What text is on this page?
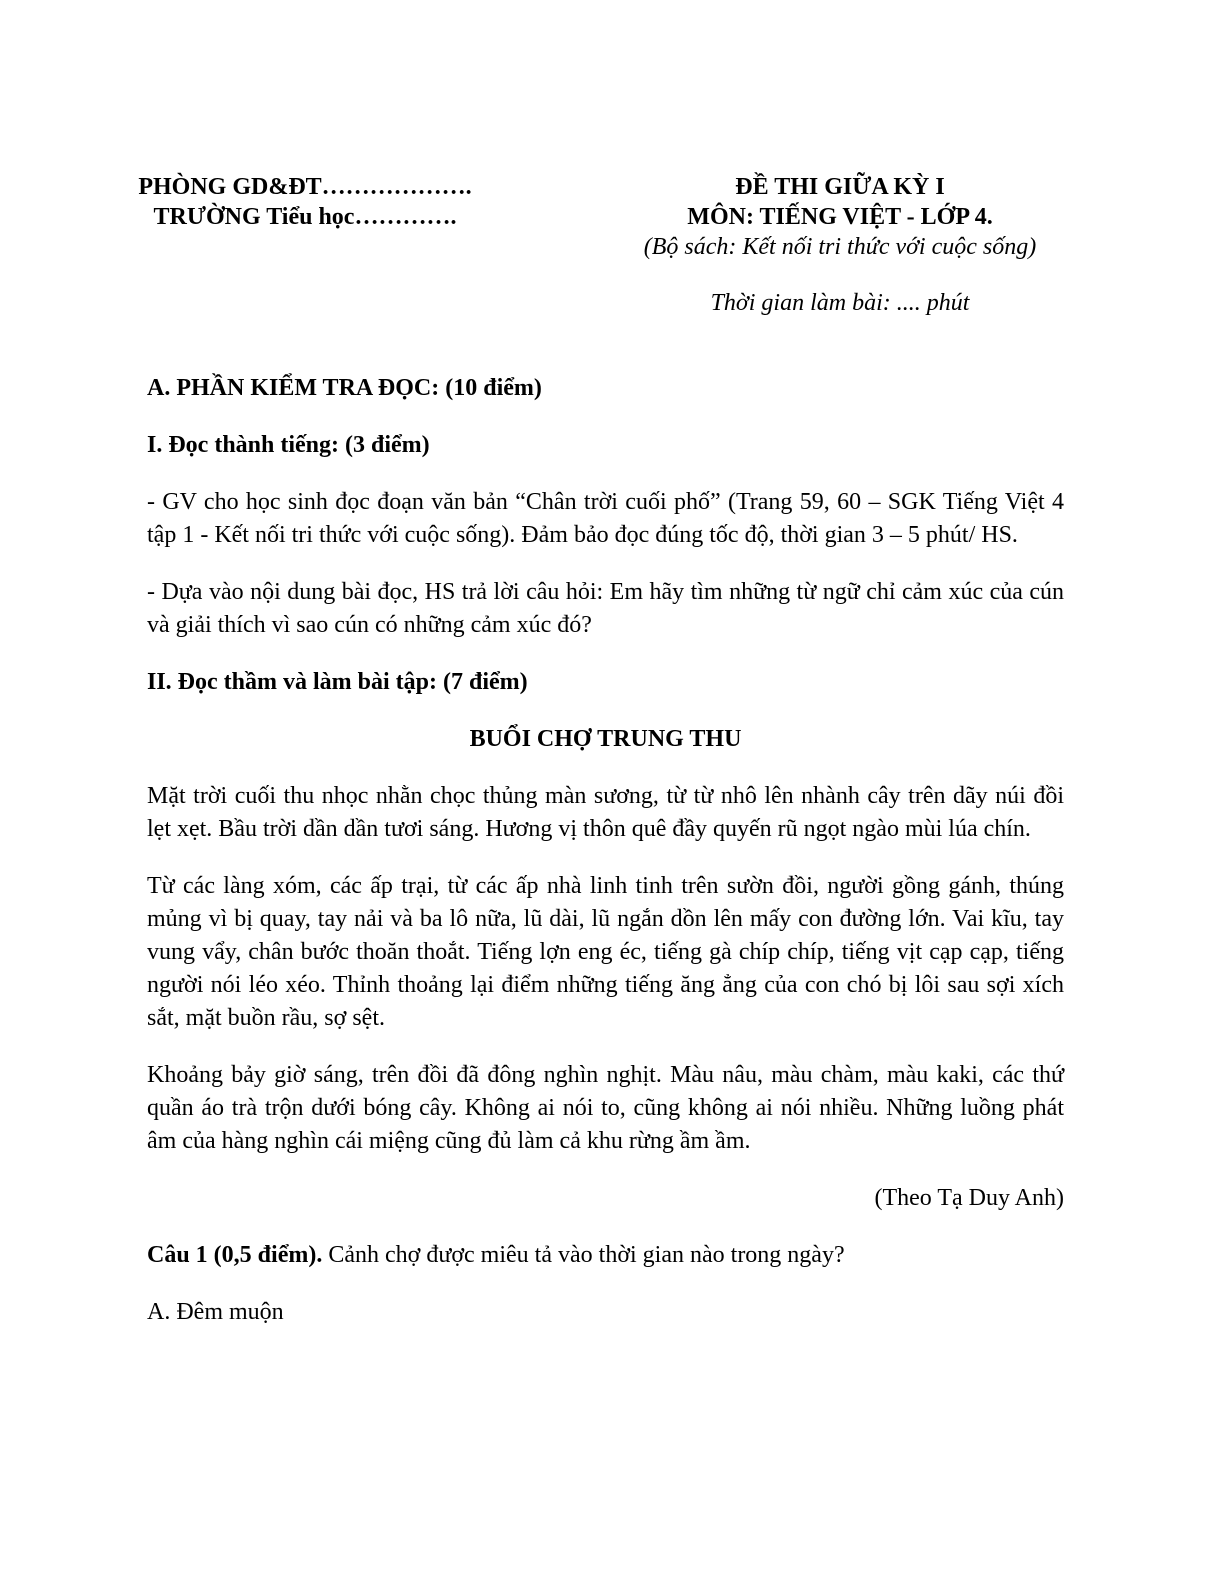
PHÒNG GD&ĐT……………….
TRƯỜNG Tiểu học………….
ĐỀ THI GIỮA KỲ I
MÔN: TIẾNG VIỆT - LỚP 4.
(Bộ sách: Kết nối tri thức với cuộc sống)
Thời gian làm bài: .... phút
A. PHẦN KIỂM TRA ĐỌC: (10 điểm)
I. Đọc thành tiếng: (3 điểm)

- GV cho học sinh đọc đoạn văn bản “Chân trời cuối phố” (Trang 59, 60 – SGK Tiếng Việt 4 tập 1 - Kết nối tri thức với cuộc sống). Đảm bảo đọc đúng tốc độ, thời gian 3 – 5 phút/ HS.

- Dựa vào nội dung bài đọc, HS trả lời câu hỏi: Em hãy tìm những từ ngữ chỉ cảm xúc của cún và giải thích vì sao cún có những cảm xúc đó?

II. Đọc thầm và làm bài tập: (7 điểm)
BUỔI CHỢ TRUNG THU

Mặt trời cuối thu nhọc nhằn chọc thủng màn sương, từ từ nhô lên nhành cây trên dãy núi đồi lẹt xẹt. Bầu trời dần dần tươi sáng. Hương vị thôn quê đầy quyến rũ ngọt ngào mùi lúa chín.

Từ các làng xóm, các ấp trại, từ các ấp nhà linh tinh trên sườn đồi, người gồng gánh, thúng mủng vì bị quay, tay nải và ba lô nữa, lũ dài, lũ ngắn dồn lên mấy con đường lớn. Vai kĩu, tay vung vẩy, chân bước thoăn thoắt. Tiếng lợn eng éc, tiếng gà chíp chíp, tiếng vịt cạp cạp, tiếng người nói léo xéo. Thỉnh thoảng lại điểm những tiếng ăng ẳng của con chó bị lôi sau sợi xích sắt, mặt buồn rầu, sợ sệt.

Khoảng bảy giờ sáng, trên đồi đã đông nghìn nghịt. Màu nâu, màu chàm, màu kaki, các thứ quần áo trà trộn dưới bóng cây. Không ai nói to, cũng không ai nói nhiều. Những luồng phát âm của hàng nghìn cái miệng cũng đủ làm cả khu rừng ầm ầm.

(Theo Tạ Duy Anh)

Câu 1 (0,5 điểm). Cảnh chợ được miêu tả vào thời gian nào trong ngày?

A. Đêm muộn
